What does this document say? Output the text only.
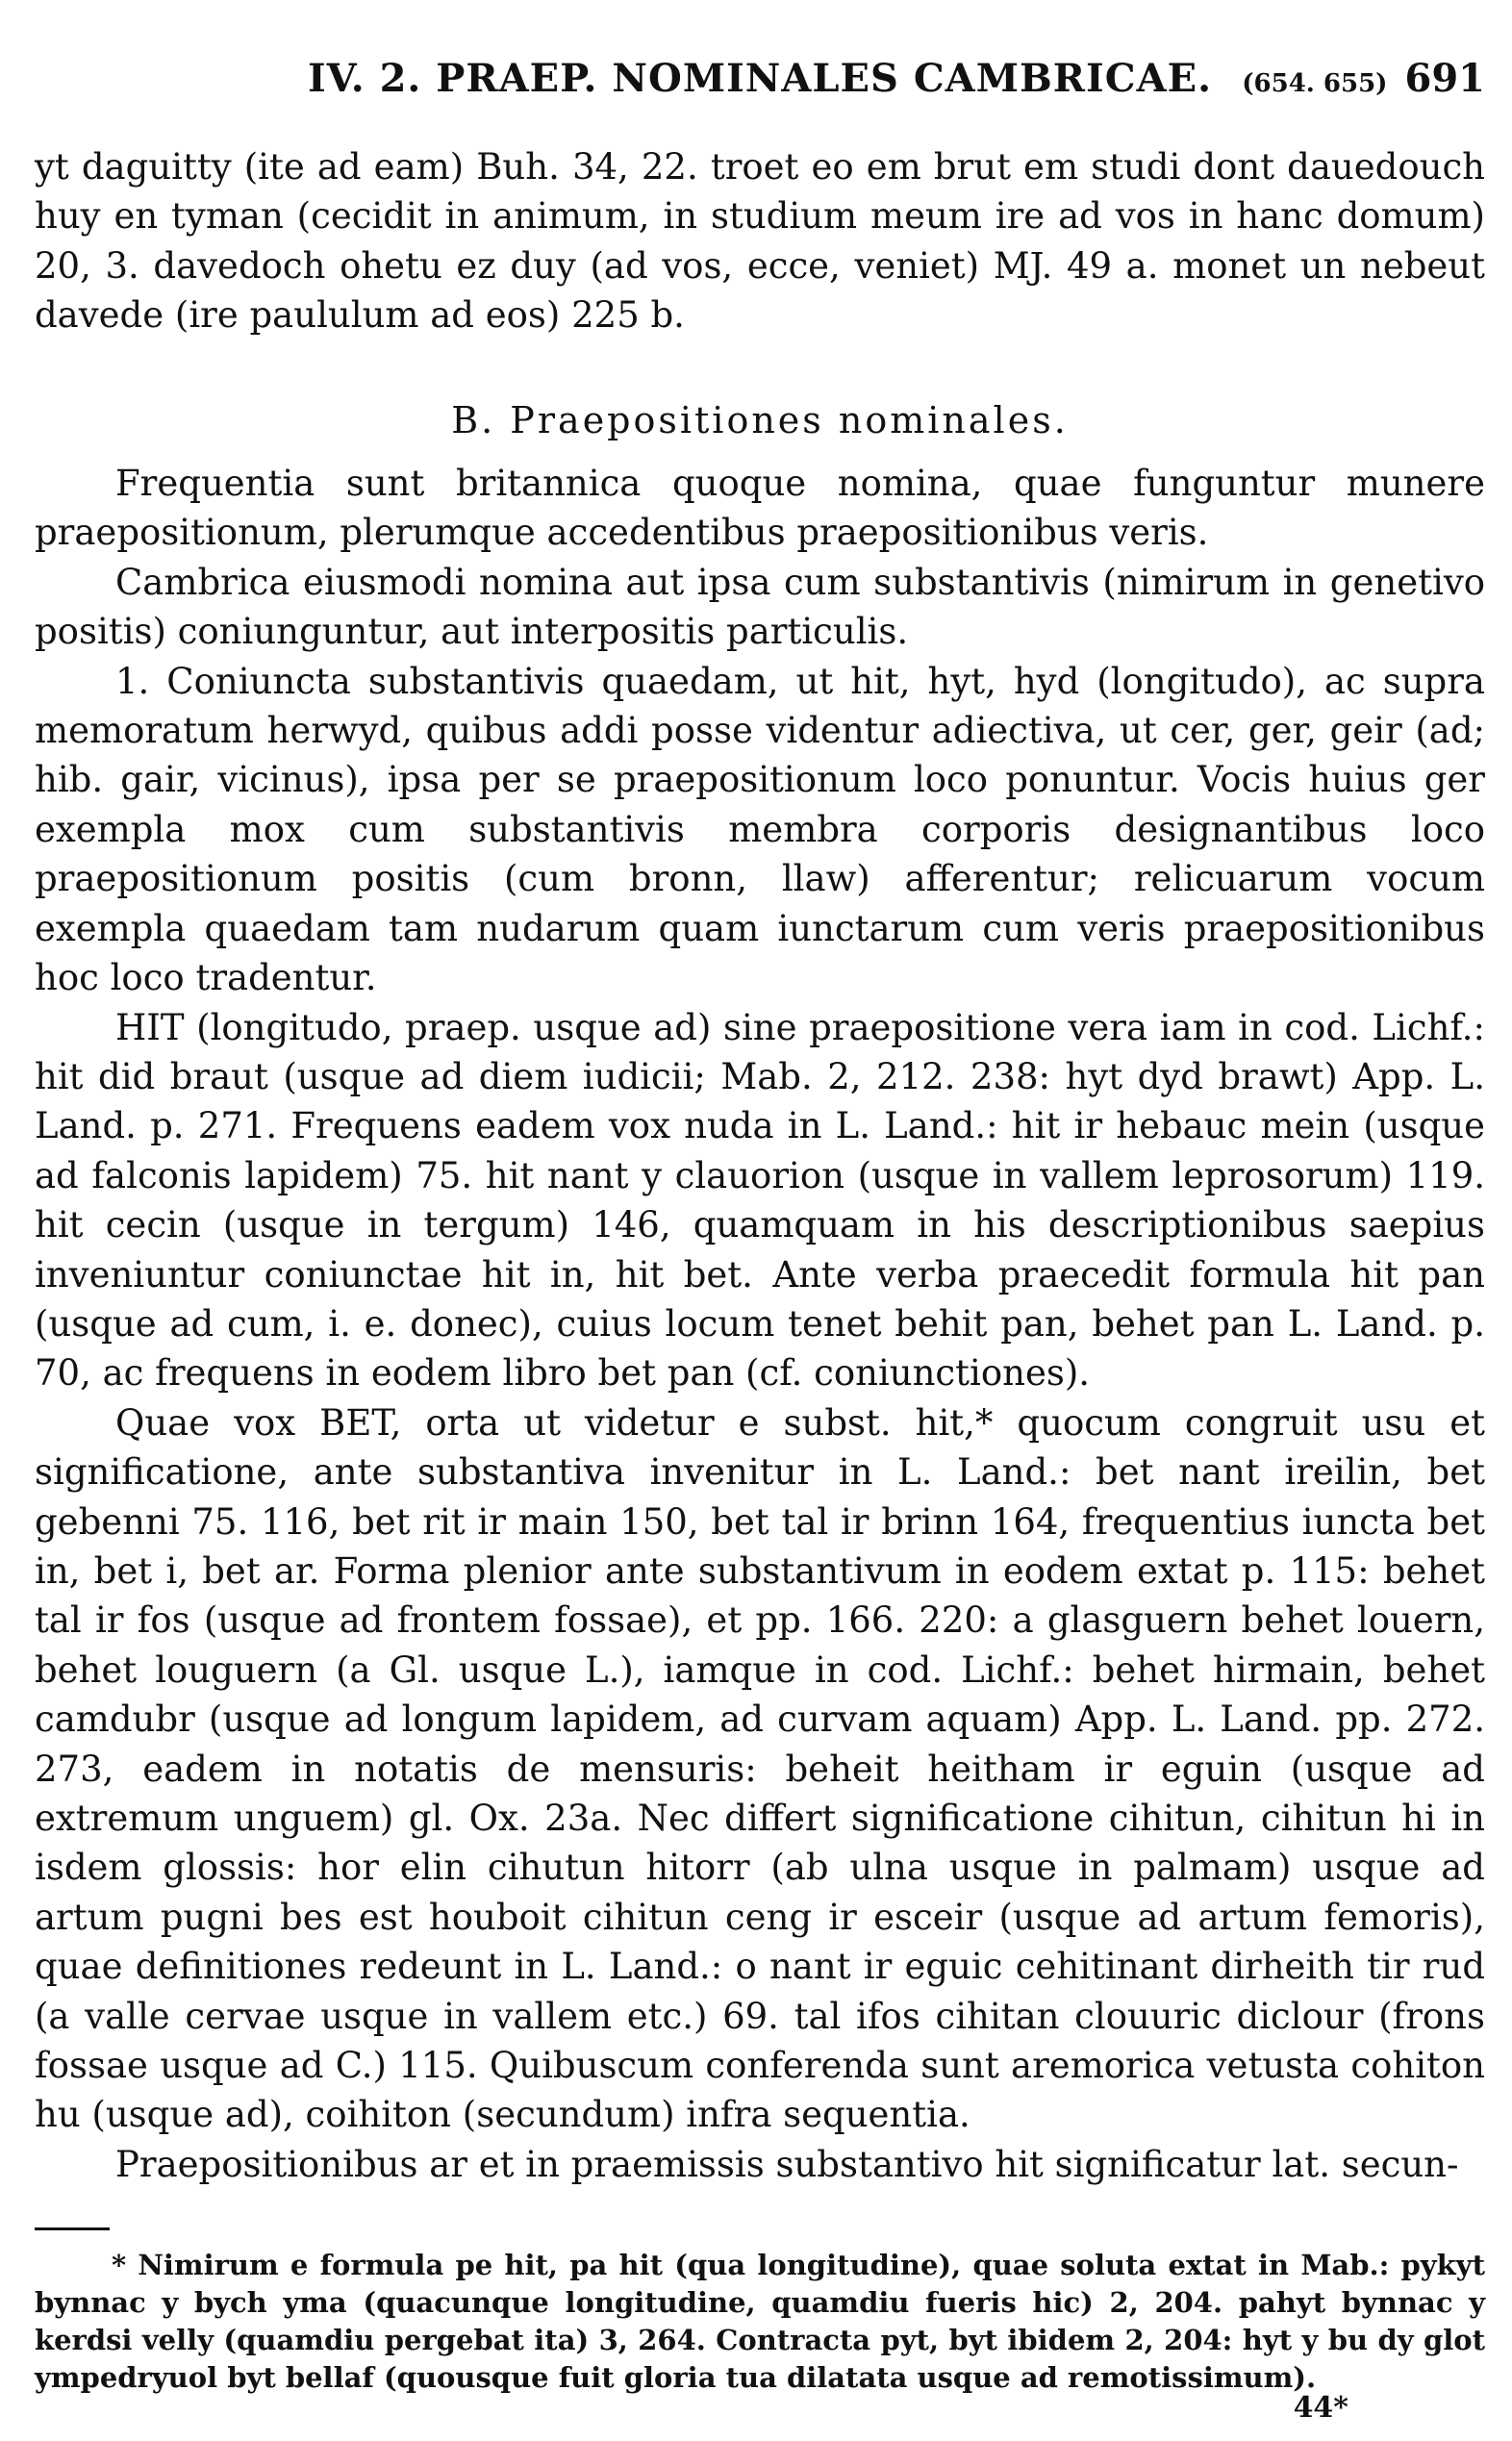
IV. 2. PRAEP. NOMINALES CAMBRICAE.	(654. 655) 691

yt daguitty (ite ad eam) Buh. 34, 22. troet eo em brut em studi dont dauedouch huy en tyman (cecidit in animum, in studium meum ire ad vos in hanc domum) 20, 3. davedoch ohetu ez duy (ad vos, ecce, veniet) MJ. 49 a. monet un nebeut davede (ire paululum ad eos) 225 b.

B. Praepositiones nominales.

Frequentia sunt britannica quoque nomina, quae funguntur munere praepositionum, plerumque accedentibus praepositionibus veris.

Cambrica eiusmodi nomina aut ipsa cum substantivis (nimirum in genetivo positis) coniunguntur, aut interpositis particulis.

1. Coniuncta substantivis quaedam, ut hit, hyt, hyd (longitudo), ac supra memoratum herwyd, quibus addi posse videntur adiectiva, ut cer, ger, geir (ad; hib. gair, vicinus), ipsa per se praepositionum loco ponuntur. Vocis huius ger exempla mox cum substantivis membra corporis designantibus loco praepositionum positis (cum bronn, llaw) afferentur; relicuarum vocum exempla quaedam tam nudarum quam iunctarum cum veris praepositionibus hoc loco tradentur.

HIT (longitudo, praep. usque ad) sine praepositione vera iam in cod. Lichf.: hit did braut (usque ad diem iudicii; Mab. 2, 212. 238: hyt dyd brawt) App. L. Land. p. 271. Frequens eadem vox nuda in L. Land.: hit ir hebauc mein (usque ad falconis lapidem) 75. hit nant y clauorion (usque in vallem leprosorum) 119. hit cecin (usque in tergum) 146, quamquam in his descriptionibus saepius inveniuntur coniunctae hit in, hit bet. Ante verba praecedit formula hit pan (usque ad cum, i. e. donec), cuius locum tenet behit pan, behet pan L. Land. p. 70, ac frequens in eodem libro bet pan (cf. coniunctiones).

Quae vox BET, orta ut videtur e subst. hit,* quocum congruit usu et significatione, ante substantiva invenitur in L. Land.: bet nant ireilin, bet gebenni 75. 116, bet rit ir main 150, bet tal ir brinn 164, frequentius iuncta bet in, bet i, bet ar. Forma plenior ante substantivum in eodem extat p. 115: behet tal ir fos (usque ad frontem fossae), et pp. 166. 220: a glasguern behet louern, behet louguern (a Gl. usque L.), iamque in cod. Lichf.: behet hirmain, behet camdubr (usque ad longum lapidem, ad curvam aquam) App. L. Land. pp. 272. 273, eadem in notatis de mensuris: beheit heitham ir eguin (usque ad extremum unguem) gl. Ox. 23a. Nec differt significatione cihitun, cihitun hi in isdem glossis: hor elin cihutun hitorr (ab ulna usque in palmam) usque ad artum pugni bes est houboit cihitun ceng ir esceir (usque ad artum femoris), quae definitiones redeunt in L. Land.: o nant ir eguic cehitinant dirheith tir rud (a valle cervae usque in vallem etc.) 69. tal ifos cihitan clouuric diclour (frons fossae usque ad C.) 115. Quibuscum conferenda sunt aremorica vetusta cohiton hu (usque ad), coihiton (secundum) infra sequentia.

Praepositionibus ar et in praemissis substantivo hit significatur lat. secun-

* Nimirum e formula pe hit, pa hit (qua longitudine), quae soluta extat in Mab.: pykyt bynnac y bych yma (quacunque longitudine, quamdiu fueris hic) 2, 204. pahyt bynnac y kerdsi velly (quamdiu pergebat ita) 3, 264. Contracta pyt, byt ibidem 2, 204: hyt y bu dy glot ympedryuol byt bellaf (quousque fuit gloria tua dilatata usque ad remotissimum).

44*
